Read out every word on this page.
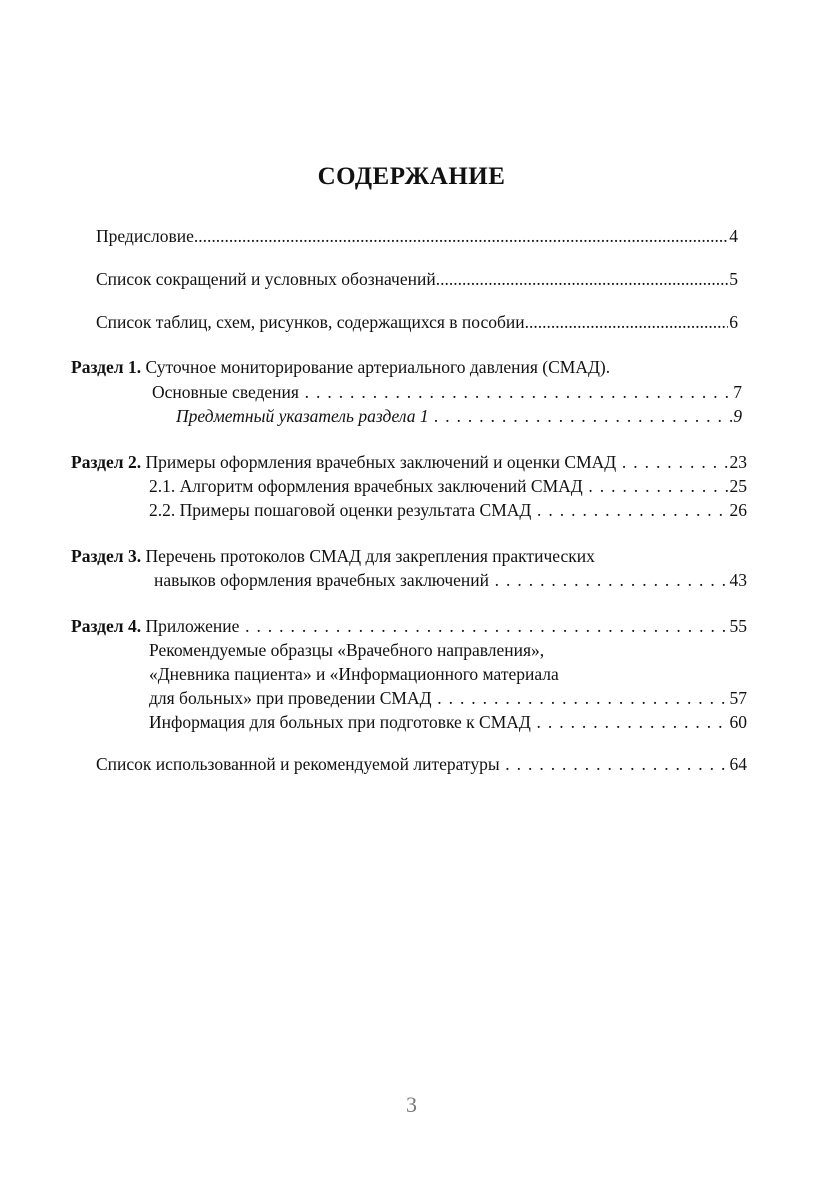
СОДЕРЖАНИЕ
Предисловие .....	4
Список сокращений и условных обозначений .....	5
Список таблиц, схем, рисунков, содержащихся в пособии .....	6
Раздел 1. Суточное мониторирование артериального давления (СМАД).
Основные сведения . . .	7
Предметный указатель раздела 1 . . .	9
Раздел 2. Примеры оформления врачебных заключений и оценки СМАД . . .	23
2.1. Алгоритм оформления врачебных заключений СМАД . . .	25
2.2. Примеры пошаговой оценки результата СМАД . . .	26
Раздел 3. Перечень протоколов СМАД для закрепления практических
навыков оформления врачебных заключений . . .	43
Раздел 4. Приложение . . .	55
Рекомендуемые образцы «Врачебного направления»,
«Дневника пациента» и «Информационного материала
для больных» при проведении СМАД . . .	57
Информация для больных при подготовке к СМАД . . .	60
Список использованной и рекомендуемой литературы . . .	64
3
